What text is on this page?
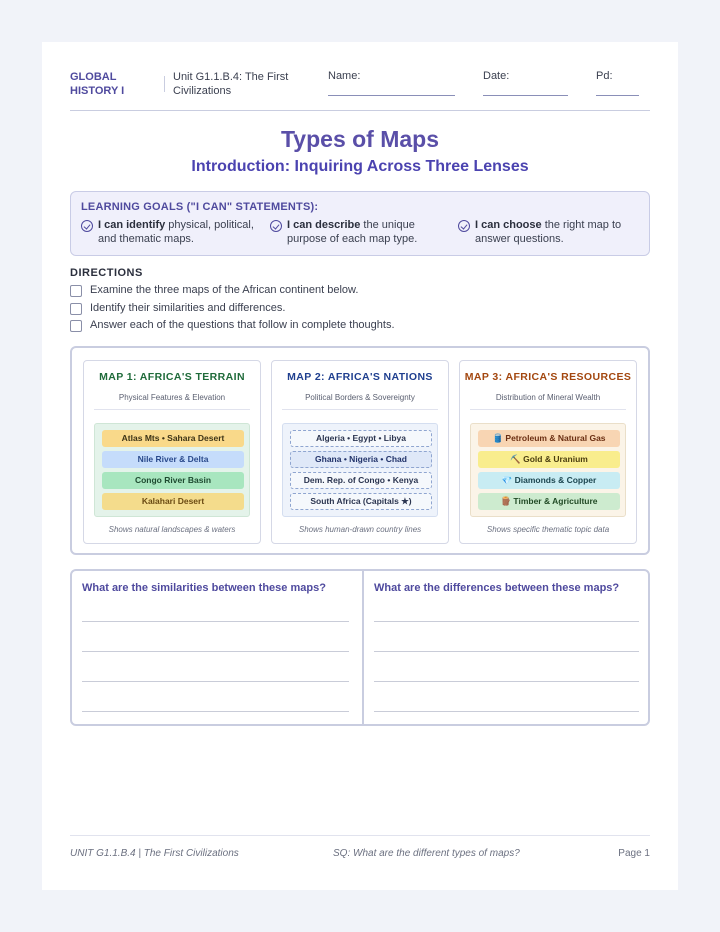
GLOBAL HISTORY I
Unit G1.1.B.4: The First Civilizations
Name:	Date:	Pd:
Types of Maps
Introduction: Inquiring Across Three Lenses
LEARNING GOALS ("I CAN" STATEMENTS):
I can identify physical, political, and thematic maps.
I can describe the unique purpose of each map type.
I can choose the right map to answer questions.
DIRECTIONS
Examine the three maps of the African continent below.
Identify their similarities and differences.
Answer each of the questions that follow in complete thoughts.
MAP 1: AFRICA'S TERRAIN
Physical Features & Elevation
Atlas Mts • Sahara Desert
Nile River & Delta
Congo River Basin
Kalahari Desert
Shows natural landscapes & waters
MAP 2: AFRICA'S NATIONS
Political Borders & Sovereignty
Algeria • Egypt • Libya
Ghana • Nigeria • Chad
Dem. Rep. of Congo • Kenya
South Africa (Capitals ★)
Shows human-drawn country lines
MAP 3: AFRICA'S RESOURCES
Distribution of Mineral Wealth
🛢️ Petroleum & Natural Gas
⛏️ Gold & Uranium
💎 Diamonds & Copper
🪵 Timber & Agriculture
Shows specific thematic topic data
What are the similarities between these maps?	What are the differences between these maps?
UNIT G1.1.B.4 | The First Civilizations	SQ: What are the different types of maps?	Page 1
